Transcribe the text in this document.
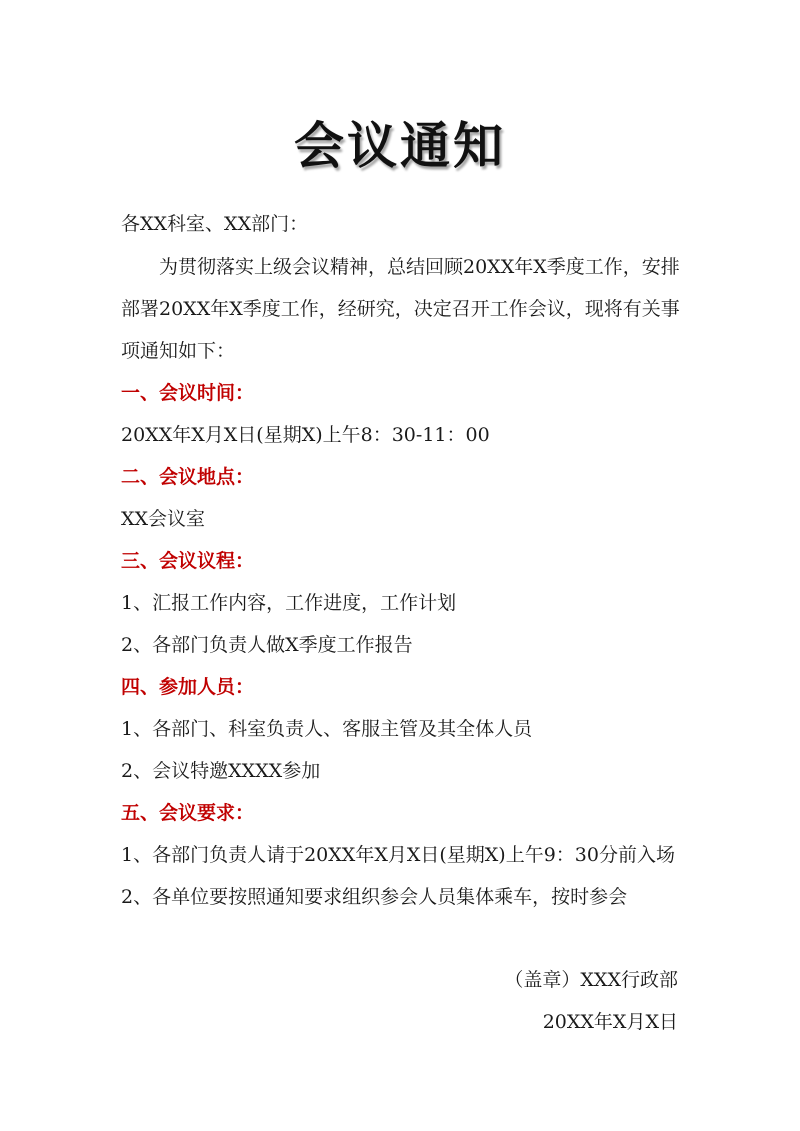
会议通知
各XX科室、XX部门：
为贯彻落实上级会议精神，总结回顾20XX年X季度工作，安排
部署20XX年X季度工作，经研究，决定召开工作会议，现将有关事
项通知如下：
一、会议时间：
20XX年X月X日(星期X)上午8：30-11：00
二、会议地点：
XX会议室
三、会议议程：
1、汇报工作内容，工作进度，工作计划
2、各部门负责人做X季度工作报告
四、参加人员：
1、各部门、科室负责人、客服主管及其全体人员
2、会议特邀XXXX参加
五、会议要求：
1、各部门负责人请于20XX年X月X日(星期X)上午9：30分前入场
2、各单位要按照通知要求组织参会人员集体乘车，按时参会
（盖章）XXX行政部
20XX年X月X日
